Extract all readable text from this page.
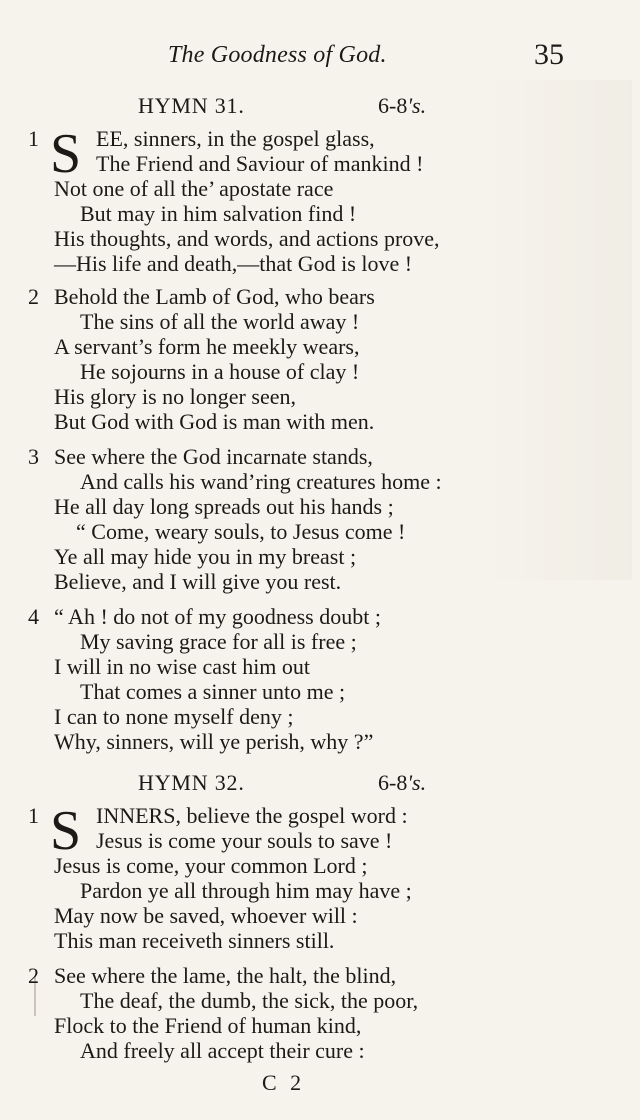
The Goodness of God.	35
HYMN 31.	6-8's.
1 S EE, sinners, in the gospel glass,
The Friend and Saviour of mankind !
Not one of all the’ apostate race
But may in him salvation find !
His thoughts, and words, and actions prove,
—His life and death,—that God is love !
2 Behold the Lamb of God, who bears
The sins of all the world away !
A servant’s form he meekly wears,
He sojourns in a house of clay !
His glory is no longer seen,
But God with God is man with men.
3 See where the God incarnate stands,
And calls his wand’ring creatures home :
He all day long spreads out his hands ;
“ Come, weary souls, to Jesus come !
Ye all may hide you in my breast ;
Believe, and I will give you rest.
4 “ Ah ! do not of my goodness doubt ;
My saving grace for all is free ;
I will in no wise cast him out
That comes a sinner unto me ;
I can to none myself deny ;
Why, sinners, will ye perish, why ?”
HYMN 32.	6-8's.
1 S INNERS, believe the gospel word :
Jesus is come your souls to save !
Jesus is come, your common Lord ;
Pardon ye all through him may have ;
May now be saved, whoever will :
This man receiveth sinners still.
2 See where the lame, the halt, the blind,
The deaf, the dumb, the sick, the poor,
Flock to the Friend of human kind,
And freely all accept their cure :
C 2
